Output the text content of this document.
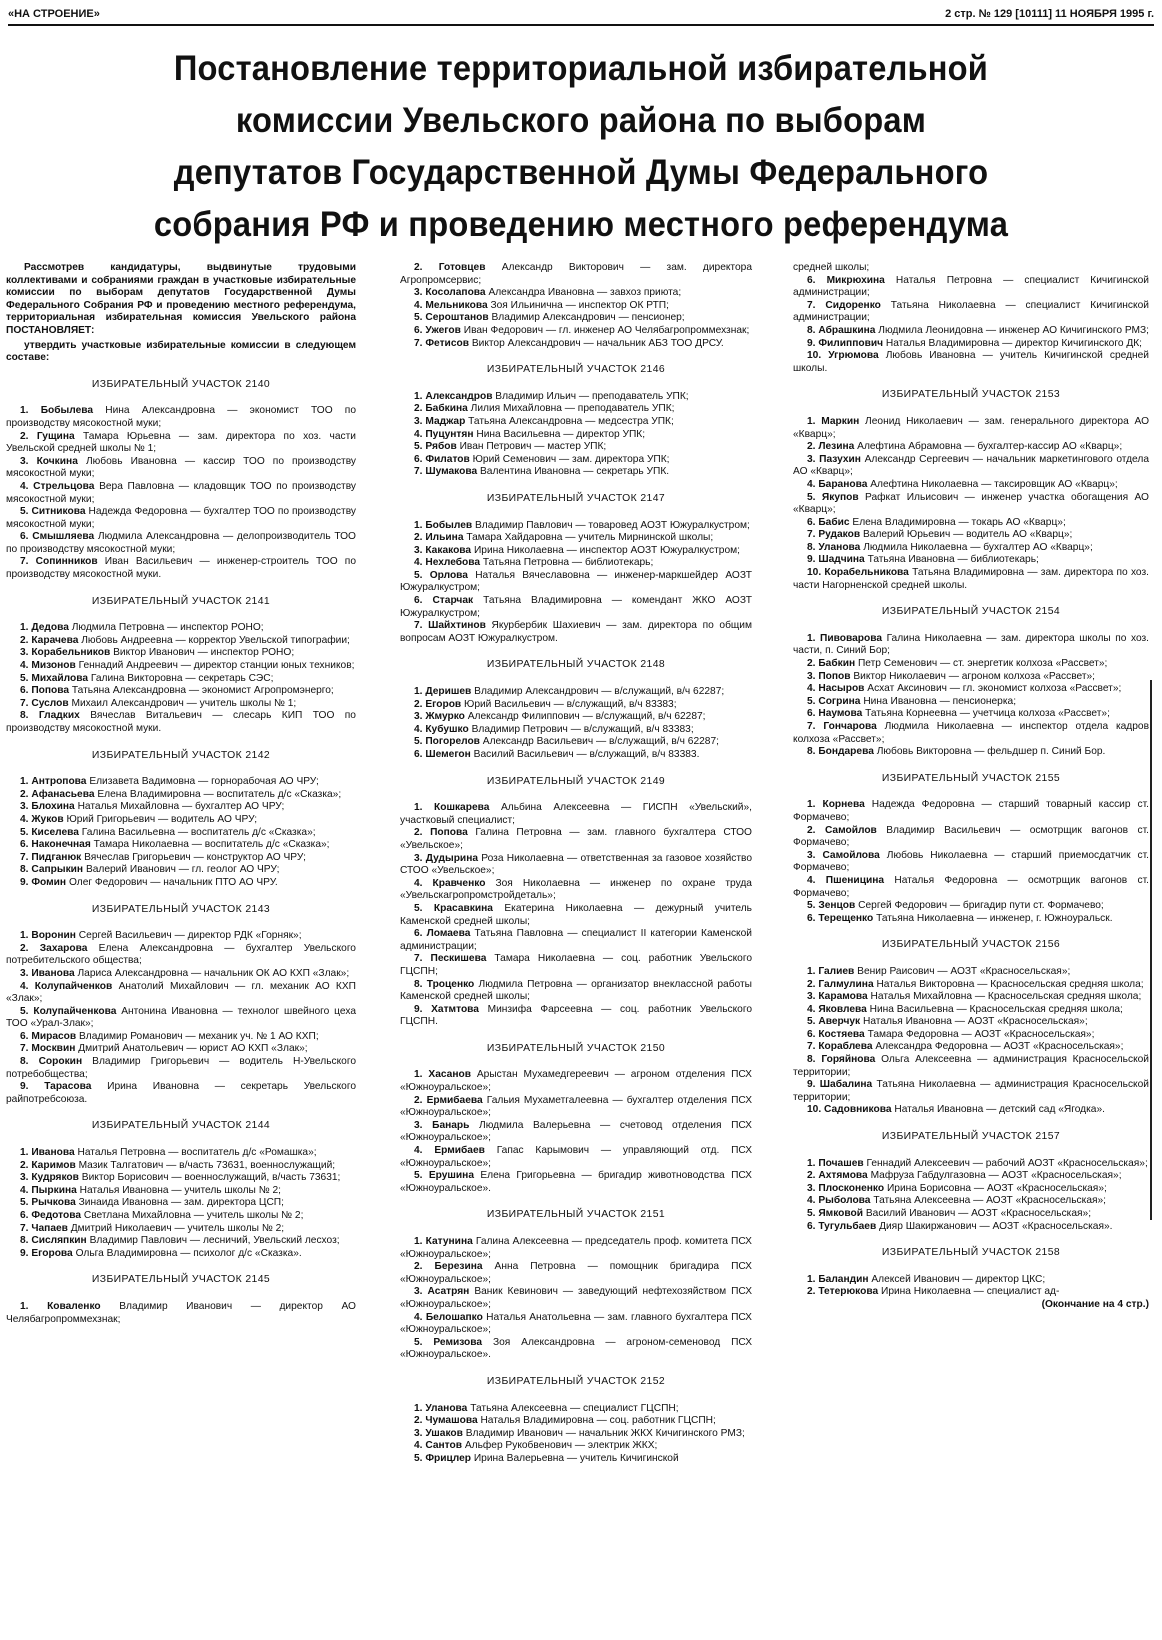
«НА СТРОЕНИЕ»	2 стр. № 129 [10111] 11 НОЯБРЯ 1995 г.
Постановление территориальной избирательной
комиссии Увельского района по выборам
депутатов Государственной Думы Федерального
собрания РФ и проведению местного референдума
Рассмотрев кандидатуры, выдвинутые трудовыми коллективами и собраниями граждан в участковые избирательные комиссии по выборам депутатов Государственной Думы Федерального Собрания РФ и проведению местного референдума, территориальная избирательная комиссия Увельского района ПОСТАНОВЛЯЕТ:
утвердить участковые избирательные комиссии в следующем составе:
ИЗБИРАТЕЛЬНЫЙ УЧАСТОК 2140
1. Бобылева Нина Александровна — экономист ТОО по производству мясокостной муки;
2. Гущина Тамара Юрьевна — зам. директора по хоз. части Увельской средней школы № 1;
3. Кочкина Любовь Ивановна — кассир ТОО по производству мясокостной муки;
4. Стрельцова Вера Павловна — кладовщик ТОО по производству мясокостной муки;
5. Ситникова Надежда Федоровна — бухгалтер ТОО по производству мясокостной муки;
6. Смышляева Людмила Александровна — делопроизводитель ТОО по производству мясокостной муки;
7. Сопинников Иван Васильевич — инженер-строитель ТОО по производству мясокостной муки.
ИЗБИРАТЕЛЬНЫЙ УЧАСТОК 2141
1. Дедова Людмила Петровна — инспектор РОНО;
2. Карачева Любовь Андреевна — корректор Увельской типографии;
3. Корабельников Виктор Иванович — инспектор РОНО;
4. Мизонов Геннадий Андреевич — директор станции юных техников;
5. Михайлова Галина Викторовна — секретарь СЭС;
6. Попова Татьяна Александровна — экономист Агропромэнерго;
7. Суслов Михаил Александрович — учитель школы № 1;
8. Гладких Вячеслав Витальевич — слесарь КИП ТОО по производству мясокостной муки.
ИЗБИРАТЕЛЬНЫЙ УЧАСТОК 2142
1. Антропова Елизавета Вадимовна — горнорабочая АО ЧРУ;
2. Афанасьева Елена Владимировна — воспитатель д/с «Сказка»;
3. Блохина Наталья Михайловна — бухгалтер АО ЧРУ;
4. Жуков Юрий Григорьевич — водитель АО ЧРУ;
5. Киселева Галина Васильевна — воспитатель д/с «Сказка»;
6. Наконечная Тамара Николаевна — воспитатель д/с «Сказка»;
7. Пидганюк Вячеслав Григорьевич — конструктор АО ЧРУ;
8. Сапрыкин Валерий Иванович — гл. геолог АО ЧРУ;
9. Фомин Олег Федорович — начальник ПТО АО ЧРУ.
ИЗБИРАТЕЛЬНЫЙ УЧАСТОК 2143
1. Воронин Сергей Васильевич — директор РДК «Горняк»;
2. Захарова Елена Александровна — бухгалтер Увельского потребительского общества;
3. Иванова Лариса Александровна — начальник ОК АО КХП «Злак»;
4. Колупайченков Анатолий Михайлович — гл. механик АО КХП «Злак»;
5. Колупайченкова Антонина Ивановна — технолог швейного цеха ТОО «Урал-Злак»;
6. Мирасов Владимир Романович — механик уч. № 1 АО КХП;
7. Москвин Дмитрий Анатольевич — юрист АО КХП «Злак»;
8. Сорокин Владимир Григорьевич — водитель Н-Увельского потребобщества;
9. Тарасова Ирина Ивановна — секретарь Увельского райпотребсоюза.
ИЗБИРАТЕЛЬНЫЙ УЧАСТОК 2144
1. Иванова Наталья Петровна — воспитатель д/с «Ромашка»;
2. Каримов Мазик Талгатович — в/часть 73631, военнослужащий;
3. Кудряков Виктор Борисович — военнослужащий, в/часть 73631;
4. Пыркина Наталья Ивановна — учитель школы № 2;
5. Рычкова Зинаида Ивановна — зам. директора ЦСП;
6. Федотова Светлана Михайловна — учитель школы № 2;
7. Чапаев Дмитрий Николаевич — учитель школы № 2;
8. Сисляпкин Владимир Павлович — лесничий, Увельский лесхоз;
9. Егорова Ольга Владимировна — психолог д/с «Сказка».
ИЗБИРАТЕЛЬНЫЙ УЧАСТОК 2145
1. Коваленко Владимир Иванович — директор АО Челябагропроммехзнак;
2. Готовцев Александр Викторович — зам. директора Агропромсервис;
3. Косолапова Александра Ивановна — завхоз приюта;
4. Мельникова Зоя Ильинична — инспектор ОК РТП;
5. Сероштанов Владимир Александрович — пенсионер;
6. Ужегов Иван Федорович — гл. инженер АО Челябагропроммехзнак;
7. Фетисов Виктор Александрович — начальник АБЗ ТОО ДРСУ.
ИЗБИРАТЕЛЬНЫЙ УЧАСТОК 2146
1. Александров Владимир Ильич — преподаватель УПК;
2. Бабкина Лилия Михайловна — преподаватель УПК;
3. Маджар Татьяна Александровна — медсестра УПК;
4. Пуцунтян Нина Васильевна — директор УПК;
5. Рябов Иван Петрович — мастер УПК;
6. Филатов Юрий Семенович — зам. директора УПК;
7. Шумакова Валентина Ивановна — секретарь УПК.
ИЗБИРАТЕЛЬНЫЙ УЧАСТОК 2147
1. Бобылев Владимир Павлович — товаровед АОЗТ Южуралкустром;
2. Ильина Тамара Хайдаровна — учитель Мирнинской школы;
3. Какакова Ирина Николаевна — инспектор АОЗТ Южуралкустром;
4. Нехлебова Татьяна Петровна — библиотекарь;
5. Орлова Наталья Вячеславовна — инженер-маркшейдер АОЗТ Южуралкустром;
6. Старчак Татьяна Владимировна — комендант ЖКО АОЗТ Южуралкустром;
7. Шайхтинов Якурбербик Шахиевич — зам. директора по общим вопросам АОЗТ Южуралкустром.
ИЗБИРАТЕЛЬНЫЙ УЧАСТОК 2148
1. Деришев Владимир Александрович — в/служащий, в/ч 62287;
2. Егоров Юрий Васильевич — в/служащий, в/ч 83383;
3. Жмурко Александр Филиппович — в/служащий, в/ч 62287;
4. Кубушко Владимир Петрович — в/служащий, в/ч 83383;
5. Погорелов Александр Васильевич — в/служащий, в/ч 62287;
6. Шемегон Василий Васильевич — в/служащий, в/ч 83383.
ИЗБИРАТЕЛЬНЫЙ УЧАСТОК 2149
1. Кошкарева Альбина Алексеевна — ГИСПН «Увельский», участковый специалист;
2. Попова Галина Петровна — зам. главного бухгалтера СТОО «Увельское»;
3. Дудырина Роза Николаевна — ответственная за газовое хозяйство СТОО «Увельское»;
4. Кравченко Зоя Николаевна — инженер по охране труда «Увельскагропромстройдеталь»;
5. Красавкина Екатерина Николаевна — дежурный учитель Каменской средней школы;
6. Ломаева Татьяна Павловна — специалист II категории Каменской администрации;
7. Пескишева Тамара Николаевна — соц. работник Увельского ГЦСПН;
8. Троценко Людмила Петровна — организатор внеклассной работы Каменской средней школы;
9. Хатмтова Минзифа Фарсеевна — соц. работник Увельского ГЦСПН.
ИЗБИРАТЕЛЬНЫЙ УЧАСТОК 2150
1. Хасанов Арыстан Мухамедгереевич — агроном отделения ПСХ «Южноуральское»;
2. Ермибаева Гальия Мухаметгалеевна — бухгалтер отделения ПСХ «Южноуральское»;
3. Банарь Людмила Валерьевна — счетовод отделения ПСХ «Южноуральское»;
4. Ермибаев Гапас Карымович — управляющий отд. ПСХ «Южноуральское»;
5. Ерушина Елена Григорьевна — бригадир животноводства ПСХ «Южноуральское».
ИЗБИРАТЕЛЬНЫЙ УЧАСТОК 2151
1. Катунина Галина Алексеевна — председатель проф. комитета ПСХ «Южноуральское»;
2. Березина Анна Петровна — помощник бригадира ПСХ «Южноуральское»;
3. Асатрян Ваник Кевинович — заведующий нефтехозяйством ПСХ «Южноуральское»;
4. Белошапко Наталья Анатольевна — зам. главного бухгалтера ПСХ «Южноуральское»;
5. Ремизова Зоя Александровна — агроном-семеновод ПСХ «Южноуральское».
ИЗБИРАТЕЛЬНЫЙ УЧАСТОК 2152
1. Уланова Татьяна Алексеевна — специалист ГЦСПН;
2. Чумашова Наталья Владимировна — соц. работник ГЦСПН;
3. Ушаков Владимир Иванович — начальник ЖКХ Кичигинского РМЗ;
4. Сантов Альфер Рукобвенович — электрик ЖКХ;
5. Фрицлер Ирина Валерьевна — учитель Кичигинской
средней школы;
6. Микрюхина Наталья Петровна — специалист Кичигинской администрации;
7. Сидоренко Татьяна Николаевна — специалист Кичигинской администрации;
8. Абрашкина Людмила Леонидовна — инженер АО Кичигинского РМЗ;
9. Филиппович Наталья Владимировна — директор Кичигинского ДК;
10. Угрюмова Любовь Ивановна — учитель Кичигинской средней школы.
ИЗБИРАТЕЛЬНЫЙ УЧАСТОК 2153
1. Маркин Леонид Николаевич — зам. генерального директора АО «Кварц»;
2. Лезина Алефтина Абрамовна — бухгалтер-кассир АО «Кварц»;
3. Пазухин Александр Сергеевич — начальник маркетингового отдела АО «Кварц»;
4. Баранова Алефтина Николаевна — таксировщик АО «Кварц»;
5. Якупов Рафкат Ильисович — инженер участка обогащения АО «Кварц»;
6. Бабис Елена Владимировна — токарь АО «Кварц»;
7. Рудаков Валерий Юрьевич — водитель АО «Кварц»;
8. Уланова Людмила Николаевна — бухгалтер АО «Кварц»;
9. Шадчина Татьяна Ивановна — библиотекарь;
10. Корабельникова Татьяна Владимировна — зам. директора по хоз. части Нагорненской средней школы.
ИЗБИРАТЕЛЬНЫЙ УЧАСТОК 2154
1. Пивоварова Галина Николаевна — зам. директора школы по хоз. части, п. Синий Бор;
2. Бабкин Петр Семенович — ст. энергетик колхоза «Рассвет»;
3. Попов Виктор Николаевич — агроном колхоза «Рассвет»;
4. Насыров Асхат Аксинович — гл. экономист колхоза «Рассвет»;
5. Согрина Нина Ивановна — пенсионерка;
6. Наумова Татьяна Корнеевна — учетчица колхоза «Рассвет»;
7. Гончарова Людмила Николаевна — инспектор отдела кадров колхоза «Рассвет»;
8. Бондарева Любовь Викторовна — фельдшер п. Синий Бор.
ИЗБИРАТЕЛЬНЫЙ УЧАСТОК 2155
1. Корнева Надежда Федоровна — старший товарный кассир ст. Формачево;
2. Самойлов Владимир Васильевич — осмотрщик вагонов ст. Формачево;
3. Самойлова Любовь Николаевна — старший приемосдатчик ст. Формачево;
4. Пшеницина Наталья Федоровна — осмотрщик вагонов ст. Формачево;
5. Зенцов Сергей Федорович — бригадир пути ст. Формачево;
6. Терещенко Татьяна Николаевна — инженер, г. Южноуральск.
ИЗБИРАТЕЛЬНЫЙ УЧАСТОК 2156
1. Галиев Венир Раисович — АОЗТ «Красносельская»;
2. Галмулина Наталья Викторовна — Красносельская средняя школа;
3. Карамова Наталья Михайловна — Красносельская средняя школа;
4. Яковлева Нина Васильевна — Красносельская средняя школа;
5. Аверчук Наталья Ивановна — АОЗТ «Красносельская»;
6. Костяева Тамара Федоровна — АОЗТ «Красносельская»;
7. Кораблева Александра Федоровна — АОЗТ «Красносельская»;
8. Горяйнова Ольга Алексеевна — администрация Красносельской территории;
9. Шабалина Татьяна Николаевна — администрация Красносельской территории;
10. Садовникова Наталья Ивановна — детский сад «Ягодка».
ИЗБИРАТЕЛЬНЫЙ УЧАСТОК 2157
1. Почашев Геннадий Алексеевич — рабочий АОЗТ «Красносельская»;
2. Ахтямова Мафруза Габдулгазовна — АОЗТ «Красносельская»;
3. Плосконенко Ирина Борисовна — АОЗТ «Красносельская»;
4. Рыболова Татьяна Алексеевна — АОЗТ «Красносельская»;
5. Ямковой Василий Иванович — АОЗТ «Красносельская»;
6. Тугульбаев Дияр Шакиржанович — АОЗТ «Красносельская».
ИЗБИРАТЕЛЬНЫЙ УЧАСТОК 2158
1. Баландин Алексей Иванович — директор ЦКС;
2. Тетерюкова Ирина Николаевна — специалист ад-
(Окончание на 4 стр.)
